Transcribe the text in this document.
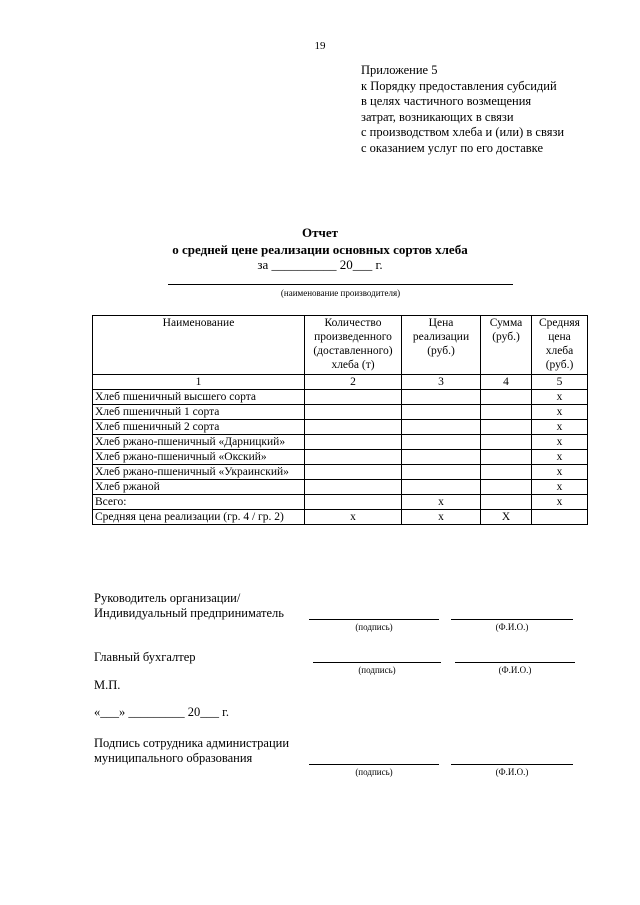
19
Приложение 5
к Порядку предоставления субсидий
в целях частичного возмещения
затрат, возникающих в связи
с производством хлеба и (или) в связи
с оказанием услуг по его доставке
Отчет
о средней цене реализации основных сортов хлеба
за __________ 20___ г.
(наименование производителя)
Наименование	Количество произведенного (доставленного) хлеба (т)	Цена реализации (руб.)	Сумма (руб.)	Средняя цена хлеба (руб.)
1	2	3	4	5
Хлеб пшеничный высшего сорта				x
Хлеб пшеничный 1 сорта				x
Хлеб пшеничный 2 сорта				x
Хлеб ржано-пшеничный «Дарницкий»				x
Хлеб ржано-пшеничный «Окский»				x
Хлеб ржано-пшеничный «Украинский»				x
Хлеб ржаной				x
Всего:		x		x
Средняя цена реализации (гр. 4 / гр. 2)	x	x	X	
Руководитель организации/
Индивидуальный предприниматель
(подпись)	(Ф.И.О.)
Главный бухгалтер
(подпись)	(Ф.И.О.)
М.П.
«___» _________ 20___ г.
Подпись сотрудника администрации
муниципального образования
(подпись)	(Ф.И.О.)
